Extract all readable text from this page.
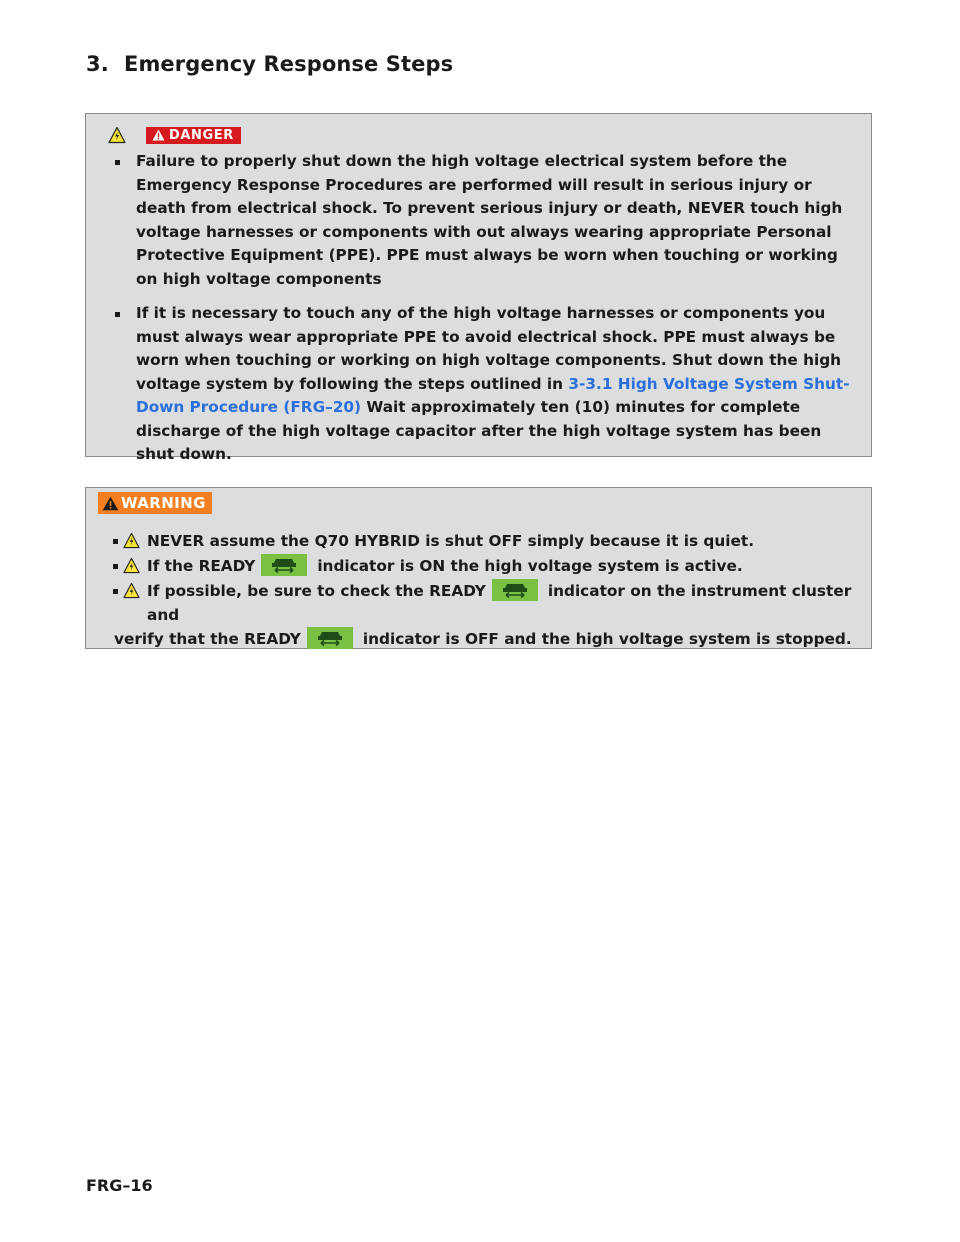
3. Emergency Response Steps
DANGER
Failure to properly shut down the high voltage electrical system before the Emergency Response Procedures are performed will result in serious injury or death from electrical shock. To prevent serious injury or death, NEVER touch high voltage harnesses or components with out always wearing appropriate Personal Protective Equipment (PPE). PPE must always be worn when touching or working on high voltage components
If it is necessary to touch any of the high voltage harnesses or components you must always wear appropriate PPE to avoid electrical shock. PPE must always be worn when touching or working on high voltage components. Shut down the high voltage system by following the steps outlined in 3-3.1 High Voltage System Shut-Down Procedure (FRG–20) Wait approximately ten (10) minutes for complete discharge of the high voltage capacitor after the high voltage system has been shut down.
WARNING
NEVER assume the Q70 HYBRID is shut OFF simply because it is quiet.
If the READY	indicator is ON the high voltage system is active.
If possible, be sure to check the READY	indicator on the instrument cluster and
verify that the READY	indicator is OFF and the high voltage system is stopped.
FRG–16
